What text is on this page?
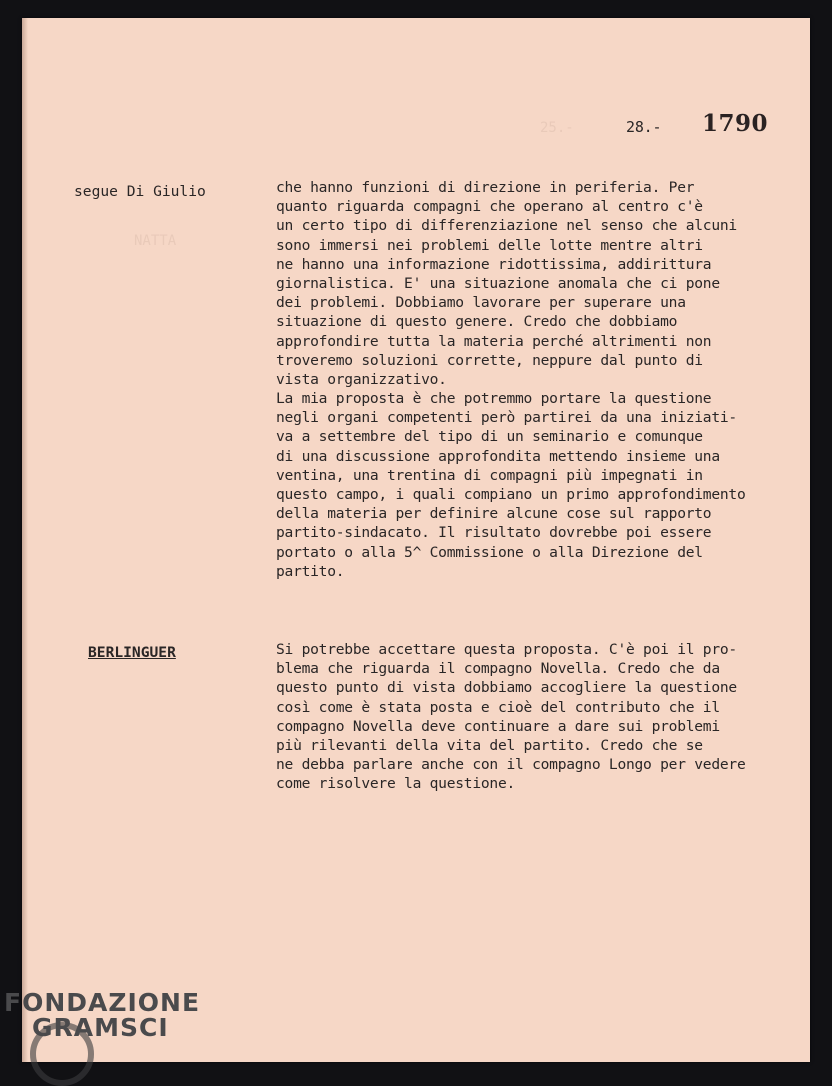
25.-
NATTA
28.- 1790
segue Di Giulio	che hanno funzioni di direzione in periferia. Per
quanto riguarda compagni che operano al centro c'è
un certo tipo di differenziazione nel senso che alcuni
sono immersi nei problemi delle lotte mentre altri
ne hanno una informazione ridottissima, addirittura
giornalistica. E' una situazione anomala che ci pone
dei problemi. Dobbiamo lavorare per superare una
situazione di questo genere. Credo che dobbiamo
approfondire tutta la materia perché altrimenti non
troveremo soluzioni corrette, neppure dal punto di
vista organizzativo.
La mia proposta è che potremmo portare la questione
negli organi competenti però partirei da una iniziati-
va a settembre del tipo di un seminario e comunque
di una discussione approfondita mettendo insieme una
ventina, una trentina di compagni più impegnati in
questo campo, i quali compiano un primo approfondimento
della materia per definire alcune cose sul rapporto
partito-sindacato. Il risultato dovrebbe poi essere
portato o alla 5^ Commissione o alla Direzione del
partito.
BERLINGUER	Si potrebbe accettare questa proposta. C'è poi il pro-
blema che riguarda il compagno Novella. Credo che da
questo punto di vista dobbiamo accogliere la questione
così come è stata posta e cioè del contributo che il
compagno Novella deve continuare a dare sui problemi
più rilevanti della vita del partito. Credo che se
ne debba parlare anche con il compagno Longo per vedere
come risolvere la questione.
FONDAZIONE
GRAMSCI
